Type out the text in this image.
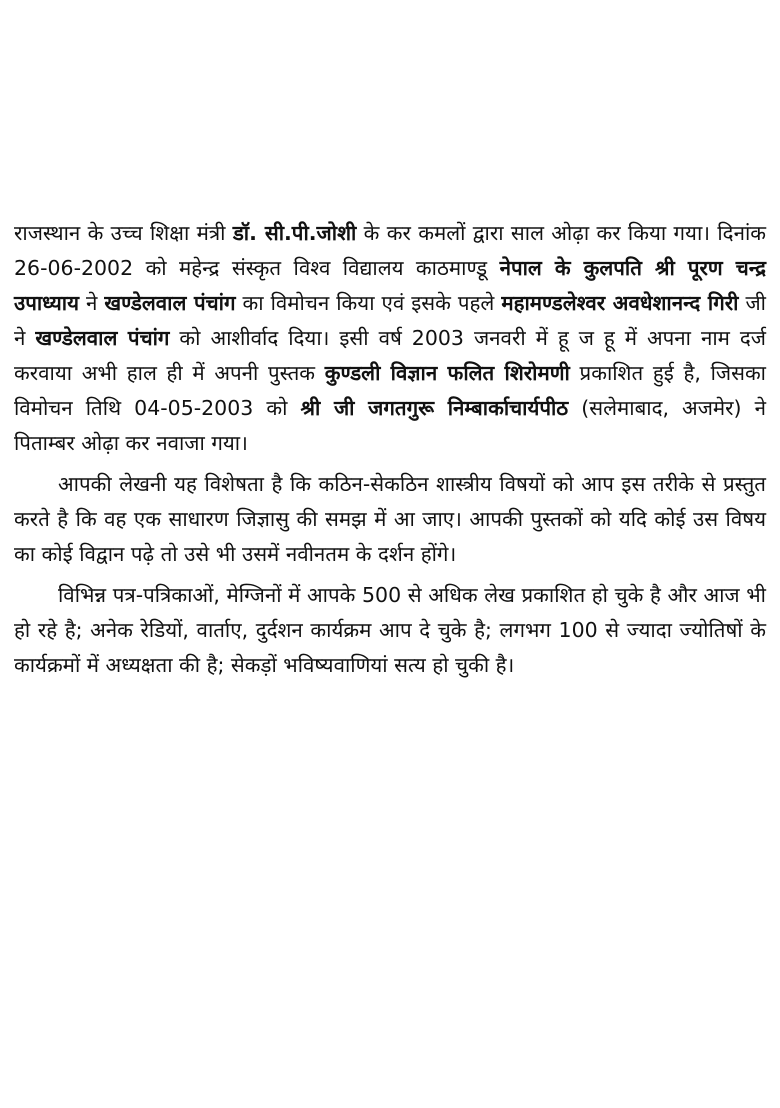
राजस्थान के उच्च शिक्षा मंत्री डॉ. सी.पी.जोशी के कर कमलों द्वारा साल ओढ़ा कर किया गया। दिनांक 26-06-2002 को महेन्द्र संस्कृत विश्व विद्यालय काठमाण्डू नेपाल के कुलपति श्री पूरण चन्द्र उपाध्याय ने खण्डेलवाल पंचांग का विमोचन किया एवं इसके पहले महामण्डलेश्वर अवधेशानन्द गिरी जी ने खण्डेलवाल पंचांग को आशीर्वाद दिया। इसी वर्ष 2003 जनवरी में हू ज हू में अपना नाम दर्ज करवाया अभी हाल ही में अपनी पुस्तक कुण्डली विज्ञान फलित शिरोमणी प्रकाशित हुई है, जिसका विमोचन तिथि 04-05-2003 को श्री जी जगतगुरू निम्बार्काचार्यपीठ (सलेमाबाद, अजमेर) ने पिताम्बर ओढ़ा कर नवाजा गया।

आपकी लेखनी यह विशेषता है कि कठिन-सेकठिन शास्त्रीय विषयों को आप इस तरीके से प्रस्तुत करते है कि वह एक साधारण जिज्ञासु की समझ में आ जाए। आपकी पुस्तकों को यदि कोई उस विषय का कोई विद्वान पढ़े तो उसे भी उसमें नवीनतम के दर्शन होंगे।

विभिन्न पत्र-पत्रिकाओं, मेग्जिनों में आपके 500 से अधिक लेख प्रकाशित हो चुके है और आज भी हो रहे है; अनेक रेडियों, वार्ताए, दुर्दशन कार्यक्रम आप दे चुके है; लगभग 100 से ज्यादा ज्योतिषों के कार्यक्रमों में अध्यक्षता की है; सेकड़ों भविष्यवाणियां सत्य हो चुकी है।
